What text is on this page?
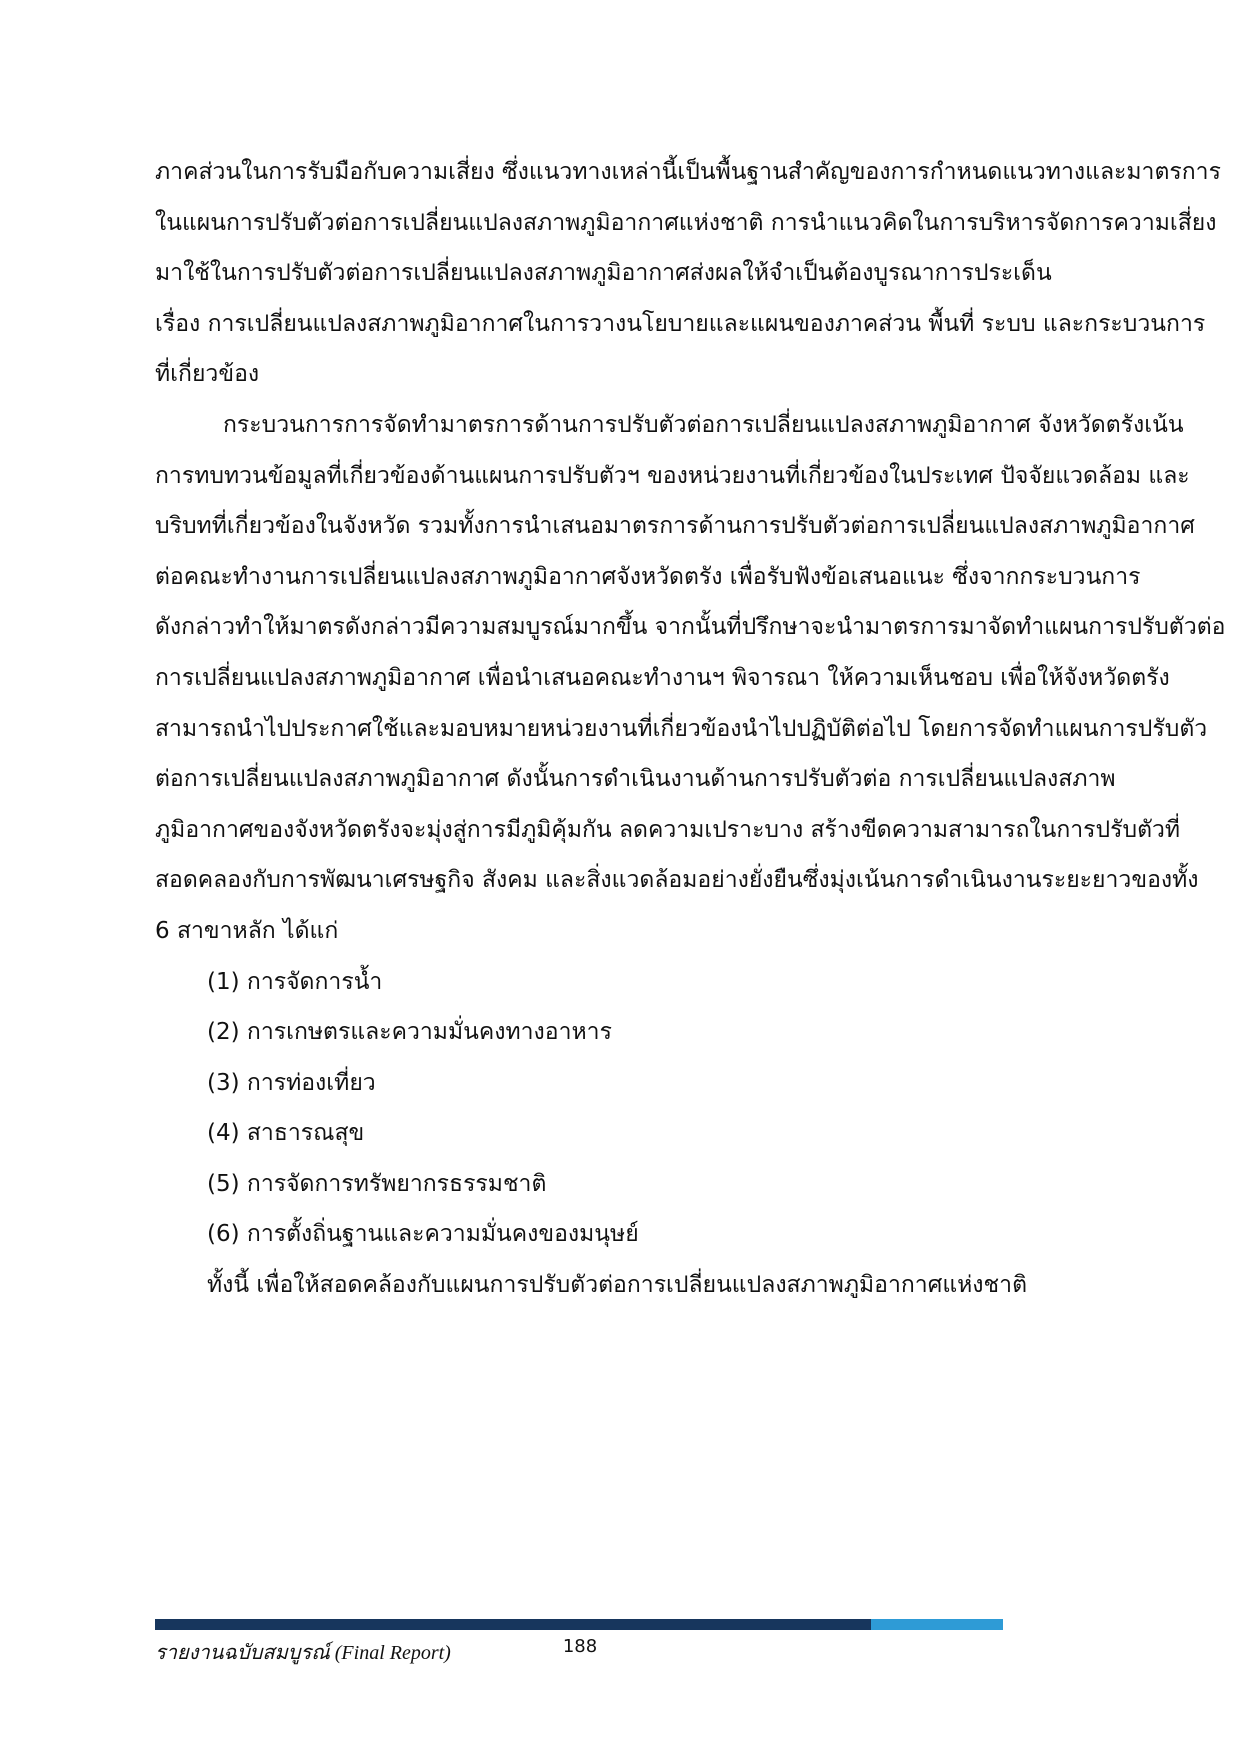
ภาคส่วนในการรับมือกับความเสี่ยง ซึ่งแนวทางเหล่านี้เป็นพื้นฐานสำคัญของการกำหนดแนวทางและมาตรการ
ในแผนการปรับตัวต่อการเปลี่ยนแปลงสภาพภูมิอากาศแห่งชาติ การนำแนวคิดในการบริหารจัดการความเสี่ยง
มาใช้ในการปรับตัวต่อการเปลี่ยนแปลงสภาพภูมิอากาศส่งผลให้จำเป็นต้องบูรณาการประเด็น
เรื่อง การเปลี่ยนแปลงสภาพภูมิอากาศในการวางนโยบายและแผนของภาคส่วน พื้นที่ ระบบ และกระบวนการ
ที่เกี่ยวข้อง
กระบวนการการจัดทำมาตรการด้านการปรับตัวต่อการเปลี่ยนแปลงสภาพภูมิอากาศ จังหวัดตรังเน้น
การทบทวนข้อมูลที่เกี่ยวข้องด้านแผนการปรับตัวฯ ของหน่วยงานที่เกี่ยวข้องในประเทศ ปัจจัยแวดล้อม และ
บริบทที่เกี่ยวข้องในจังหวัด รวมทั้งการนำเสนอมาตรการด้านการปรับตัวต่อการเปลี่ยนแปลงสภาพภูมิอากาศ
ต่อคณะทำงานการเปลี่ยนแปลงสภาพภูมิอากาศจังหวัดตรัง เพื่อรับฟังข้อเสนอแนะ ซึ่งจากกระบวนการ
ดังกล่าวทำให้มาตรดังกล่าวมีความสมบูรณ์มากขึ้น จากนั้นที่ปรึกษาจะนำมาตรการมาจัดทำแผนการปรับตัวต่อ
การเปลี่ยนแปลงสภาพภูมิอากาศ เพื่อนำเสนอคณะทำงานฯ พิจารณา ให้ความเห็นชอบ เพื่อให้จังหวัดตรัง
สามารถนำไปประกาศใช้และมอบหมายหน่วยงานที่เกี่ยวข้องนำไปปฏิบัติต่อไป โดยการจัดทำแผนการปรับตัว
ต่อการเปลี่ยนแปลงสภาพภูมิอากาศ ดังนั้นการดำเนินงานด้านการปรับตัวต่อ การเปลี่ยนแปลงสภาพ
ภูมิอากาศของจังหวัดตรังจะมุ่งสู่การมีภูมิคุ้มกัน ลดความเปราะบาง สร้างขีดความสามารถในการปรับตัวที่
สอดคลองกับการพัฒนาเศรษฐกิจ สังคม และสิ่งแวดล้อมอย่างยั่งยืนซึ่งมุ่งเน้นการดำเนินงานระยะยาวของทั้ง
6 สาขาหลัก ได้แก่
(1) การจัดการน้ำ
(2) การเกษตรและความมั่นคงทางอาหาร
(3) การท่องเที่ยว
(4) สาธารณสุข
(5) การจัดการทรัพยากรธรรมชาติ
(6) การตั้งถิ่นฐานและความมั่นคงของมนุษย์
ทั้งนี้ เพื่อให้สอดคล้องกับแผนการปรับตัวต่อการเปลี่ยนแปลงสภาพภูมิอากาศแห่งชาติ
รายงานฉบับสมบูรณ์ (Final Report)	188
